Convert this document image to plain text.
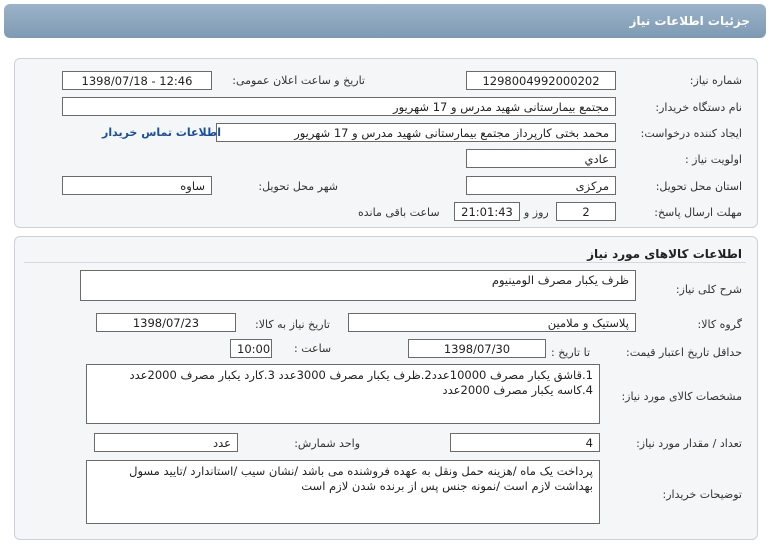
جزئیات اطلاعات نیاز
شماره نیاز:
1298004992000202
تاریخ و ساعت اعلان عمومی:
1398/07/18 - 12:46
نام دستگاه خریدار:
مجتمع بیمارستانی شهید مدرس و 17 شهریور
ایجاد کننده درخواست:
محمد بختی کارپرداز مجتمع بیمارستانی شهید مدرس و 17 شهریور
اطلاعات تماس خریدار
اولویت نیاز :
عادي
استان محل تحویل:
مرکزی
شهر محل تحویل:
ساوه
مهلت ارسال پاسخ:
2
روز و
21:01:43
ساعت باقی مانده
اطلاعات کالاهای مورد نیاز
شرح کلی نیاز:
ظرف یکبار مصرف الومینیوم
گروه کالا:
پلاستیک و ملامین
تاریخ نیاز به کالا:
1398/07/23
حداقل تاریخ اعتبار قیمت:
تا تاریخ :
1398/07/30
ساعت :
10:00
مشخصات کالای مورد نیاز:
1.قاشق یکبار مصرف 10000عدد2.ظرف یکبار مصرف 3000عدد 3.کارد یکبار مصرف 2000عدد 4.کاسه یکبار مصرف 2000عدد
تعداد / مقدار مورد نیاز:
4
واحد شمارش:
عدد
توضیحات خریدار:
پرداخت یک ماه /هزینه حمل ونقل به عهده فروشنده می باشد /نشان سیب /استاندارد /تایید مسول بهداشت لازم است /نمونه جنس پس از برنده شدن لازم است
